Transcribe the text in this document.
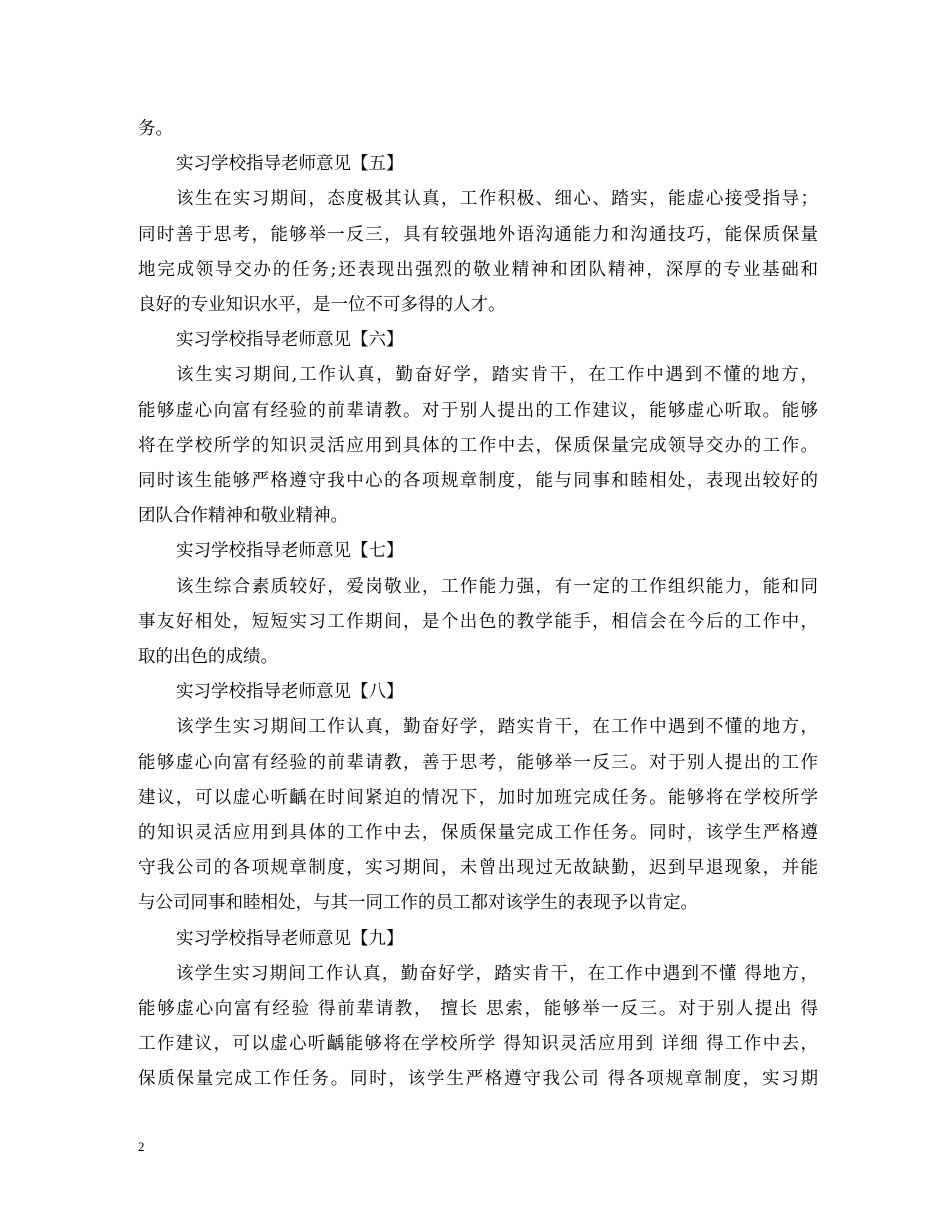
务。
实习学校指导老师意见【五】
该生在实习期间，态度极其认真，工作积极、细心、踏实，能虚心接受指导；
同时善于思考，能够举一反三，具有较强地外语沟通能力和沟通技巧，能保质保量
地完成领导交办的任务;还表现出强烈的敬业精神和团队精神，深厚的专业基础和
良好的专业知识水平，是一位不可多得的人才。
实习学校指导老师意见【六】
该生实习期间,工作认真，勤奋好学，踏实肯干，在工作中遇到不懂的地方，
能够虚心向富有经验的前辈请教。对于别人提出的工作建议，能够虚心听取。能够
将在学校所学的知识灵活应用到具体的工作中去，保质保量完成领导交办的工作。
同时该生能够严格遵守我中心的各项规章制度，能与同事和睦相处，表现出较好的
团队合作精神和敬业精神。
实习学校指导老师意见【七】
该生综合素质较好，爱岗敬业，工作能力强，有一定的工作组织能力，能和同
事友好相处，短短实习工作期间，是个出色的教学能手，相信会在今后的工作中，
取的出色的成绩。
实习学校指导老师意见【八】
该学生实习期间工作认真，勤奋好学，踏实肯干，在工作中遇到不懂的地方，
能够虚心向富有经验的前辈请教，善于思考，能够举一反三。对于别人提出的工作
建议，可以虚心听齲在时间紧迫的情况下，加时加班完成任务。能够将在学校所学
的知识灵活应用到具体的工作中去，保质保量完成工作任务。同时，该学生严格遵
守我公司的各项规章制度，实习期间，未曾出现过无故缺勤，迟到早退现象，并能
与公司同事和睦相处，与其一同工作的员工都对该学生的表现予以肯定。
实习学校指导老师意见【九】
该学生实习期间工作认真，勤奋好学，踏实肯干，在工作中遇到不懂 得地方，
能够虚心向富有经验 得前辈请教， 擅长 思索，能够举一反三。对于别人提出 得
工作建议，可以虚心听齲能够将在学校所学 得知识灵活应用到 详细 得工作中去，
保质保量完成工作任务。同时，该学生严格遵守我公司 得各项规章制度，实习期
2
